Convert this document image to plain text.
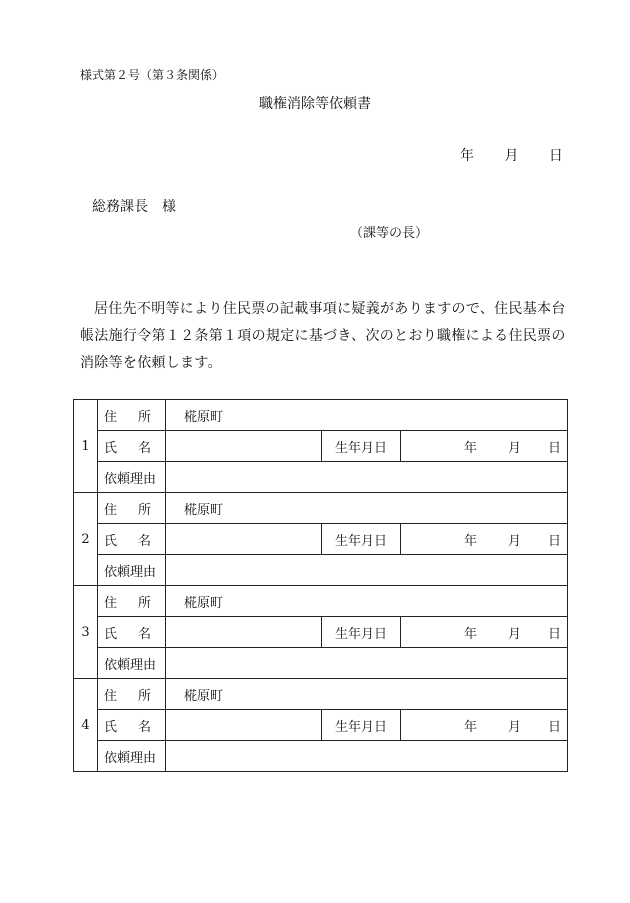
様式第２号（第３条関係）
職権消除等依頼書
年 月 日
総務課長　様
（課等の長）
居住先不明等により住民票の記載事項に疑義がありますので、住民基本台帳法施行令第１２条第１項の規定に基づき、次のとおり職権による住民票の消除等を依頼します。
1	住 所	椛原町		

	氏 名		生年月日	年 月 日

	依頼理由			
2	住 所	椛原町		

	氏 名		生年月日	年 月 日

	依頼理由			
3	住 所	椛原町		

	氏 名		生年月日	年 月 日

	依頼理由			
4	住 所	椛原町		

	氏 名		生年月日	年 月 日

	依頼理由			
